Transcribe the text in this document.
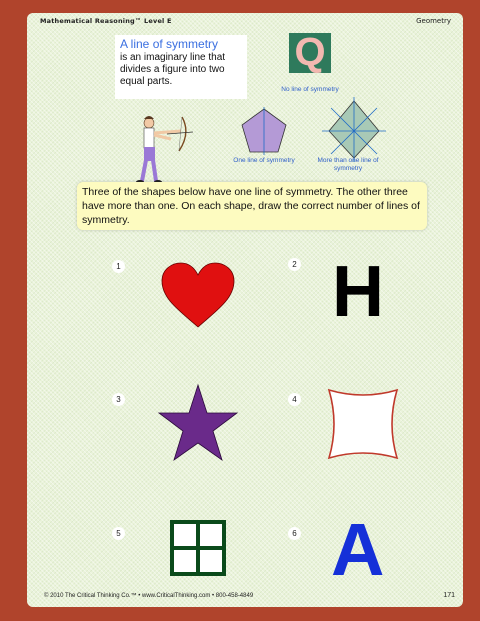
Mathematical Reasoning™ Level E	Geometry
A line of symmetry
is an imaginary line that divides a figure into two equal parts.
Q
One line of symmetry
No line of symmetry
More than one line of symmetry
Three of the shapes below have one line of symmetry. The other three have more than one. On each shape, draw the correct number of lines of symmetry.
1	2 H
3	4
5	6 A
© 2010 The Critical Thinking Co.™ • www.CriticalThinking.com • 800-458-4849	171
